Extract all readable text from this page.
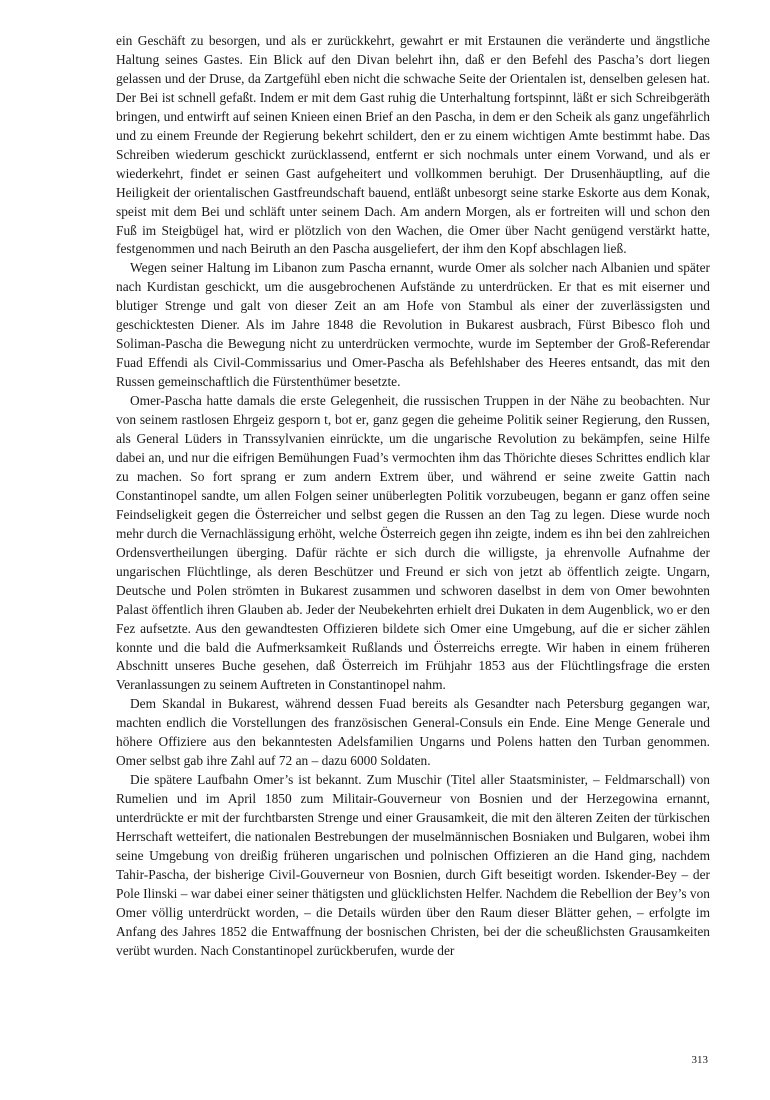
ein Geschäft zu besorgen, und als er zurückkehrt, gewahrt er mit Erstaunen die veränderte und ängstliche Haltung seines Gastes. Ein Blick auf den Divan belehrt ihn, daß er den Befehl des Pascha’s dort liegen gelassen und der Druse, da Zartgefühl eben nicht die schwache Seite der Orientalen ist, denselben gelesen hat. Der Bei ist schnell gefaßt. Indem er mit dem Gast ruhig die Unterhaltung fortspinnt, läßt er sich Schreibgeräth bringen, und entwirft auf seinen Knieen einen Brief an den Pascha, in dem er den Scheik als ganz ungefährlich und zu einem Freunde der Regierung bekehrt schildert, den er zu einem wichtigen Amte bestimmt habe. Das Schreiben wiederum geschickt zurücklassend, entfernt er sich nochmals unter einem Vorwand, und als er wiederkehrt, findet er seinen Gast aufgeheitert und vollkommen beruhigt. Der Drusenhäuptling, auf die Heiligkeit der orientalischen Gastfreundschaft bauend, entläßt unbesorgt seine starke Eskorte aus dem Konak, speist mit dem Bei und schläft unter seinem Dach. Am andern Morgen, als er fortreiten will und schon den Fuß im Steigbügel hat, wird er plötzlich von den Wachen, die Omer über Nacht genügend verstärkt hatte, festgenommen und nach Beiruth an den Pascha ausgeliefert, der ihm den Kopf abschlagen ließ.

Wegen seiner Haltung im Libanon zum Pascha ernannt, wurde Omer als solcher nach Albanien und später nach Kurdistan geschickt, um die ausgebrochenen Aufstände zu unterdrücken. Er that es mit eiserner und blutiger Strenge und galt von dieser Zeit an am Hofe von Stambul als einer der zuverlässigsten und geschicktesten Diener. Als im Jahre 1848 die Revolution in Bukarest ausbrach, Fürst Bibesco floh und Soliman-Pascha die Bewegung nicht zu unterdrücken vermochte, wurde im September der Groß-Referendar Fuad Effendi als Civil-Commissarius und Omer-Pascha als Befehlshaber des Heeres entsandt, das mit den Russen gemeinschaftlich die Fürstenthümer besetzte.

Omer-Pascha hatte damals die erste Gelegenheit, die russischen Truppen in der Nähe zu beobachten. Nur von seinem rastlosen Ehrgeiz gesporn t, bot er, ganz gegen die geheime Politik seiner Regierung, den Russen, als General Lüders in Transsylvanien einrückte, um die ungarische Revolution zu bekämpfen, seine Hilfe dabei an, und nur die eifrigen Bemühungen Fuad’s vermochten ihm das Thörichte dieses Schrittes endlich klar zu machen. So fort sprang er zum andern Extrem über, und während er seine zweite Gattin nach Constantinopel sandte, um allen Folgen seiner unüberlegten Politik vorzubeugen, begann er ganz offen seine Feindseligkeit gegen die Österreicher und selbst gegen die Russen an den Tag zu legen. Diese wurde noch mehr durch die Vernachlässigung erhöht, welche Österreich gegen ihn zeigte, indem es ihn bei den zahlreichen Ordensvertheilungen überging. Dafür rächte er sich durch die willigste, ja ehrenvolle Aufnahme der ungarischen Flüchtlinge, als deren Beschützer und Freund er sich von jetzt ab öffentlich zeigte. Ungarn, Deutsche und Polen strömten in Bukarest zusammen und schworen daselbst in dem von Omer bewohnten Palast öffentlich ihren Glauben ab. Jeder der Neubekehrten erhielt drei Dukaten in dem Augenblick, wo er den Fez aufsetzte. Aus den gewandtesten Offizieren bildete sich Omer eine Umgebung, auf die er sicher zählen konnte und die bald die Aufmerksamkeit Rußlands und Österreichs erregte. Wir haben in einem früheren Abschnitt unseres Buche gesehen, daß Österreich im Frühjahr 1853 aus der Flüchtlingsfrage die ersten Veranlassungen zu seinem Auftreten in Constantinopel nahm.

Dem Skandal in Bukarest, während dessen Fuad bereits als Gesandter nach Petersburg gegangen war, machten endlich die Vorstellungen des französischen General-Consuls ein Ende. Eine Menge Generale und höhere Offiziere aus den bekanntesten Adelsfamilien Ungarns und Polens hatten den Turban genommen. Omer selbst gab ihre Zahl auf 72 an – dazu 6000 Soldaten.

Die spätere Laufbahn Omer’s ist bekannt. Zum Muschir (Titel aller Staatsminister, – Feldmarschall) von Rumelien und im April 1850 zum Militair-Gouverneur von Bosnien und der Herzegowina ernannt, unterdrückte er mit der furchtbarsten Strenge und einer Grausamkeit, die mit den älteren Zeiten der türkischen Herrschaft wetteifert, die nationalen Bestrebungen der muselmännischen Bosniaken und Bulgaren, wobei ihm seine Umgebung von dreißig früheren ungarischen und polnischen Offizieren an die Hand ging, nachdem Tahir-Pascha, der bisherige Civil-Gouverneur von Bosnien, durch Gift beseitigt worden. Iskender-Bey – der Pole Ilinski – war dabei einer seiner thätigsten und glücklichsten Helfer. Nachdem die Rebellion der Bey’s von Omer völlig unterdrückt worden, – die Details würden über den Raum dieser Blätter gehen, – erfolgte im Anfang des Jahres 1852 die Entwaffnung der bosnischen Christen, bei der die scheußlichsten Grausamkeiten verübt wurden. Nach Constantinopel zurückberufen, wurde der

313
